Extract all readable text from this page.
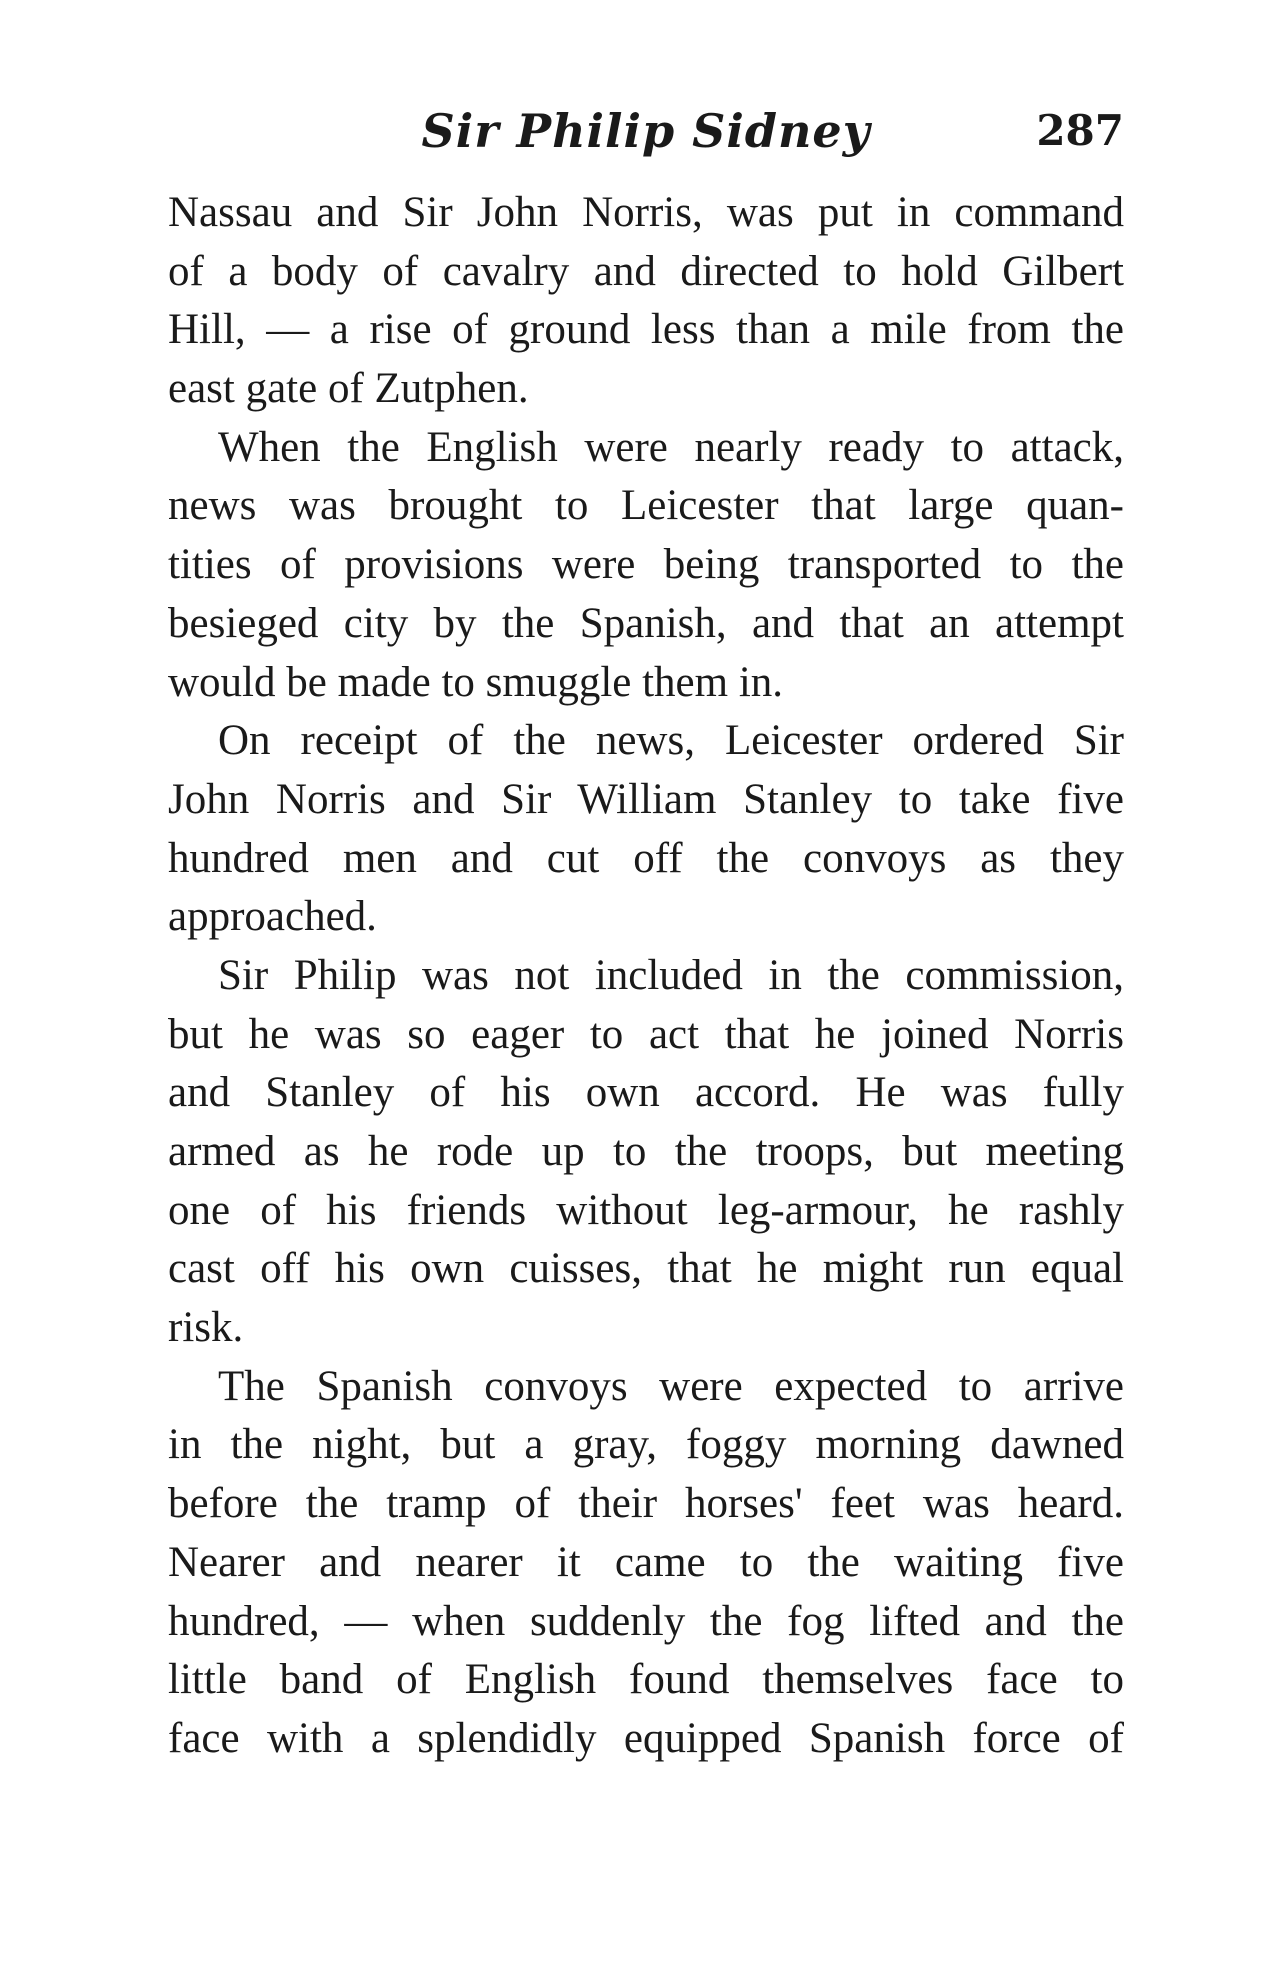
Sir Philip Sidney	287
Nassau and Sir John Norris, was put in command
of a body of cavalry and directed to hold Gilbert
Hill, — a rise of ground less than a mile from the
east gate of Zutphen.
When the English were nearly ready to attack,
news was brought to Leicester that large quan-
tities of provisions were being transported to the
besieged city by the Spanish, and that an attempt
would be made to smuggle them in.
On receipt of the news, Leicester ordered Sir
John Norris and Sir William Stanley to take five
hundred men and cut off the convoys as they
approached.
Sir Philip was not included in the commission,
but he was so eager to act that he joined Norris
and Stanley of his own accord. He was fully
armed as he rode up to the troops, but meeting
one of his friends without leg-armour, he rashly
cast off his own cuisses, that he might run equal
risk.
The Spanish convoys were expected to arrive
in the night, but a gray, foggy morning dawned
before the tramp of their horses' feet was heard.
Nearer and nearer it came to the waiting five
hundred, — when suddenly the fog lifted and the
little band of English found themselves face to
face with a splendidly equipped Spanish force of
